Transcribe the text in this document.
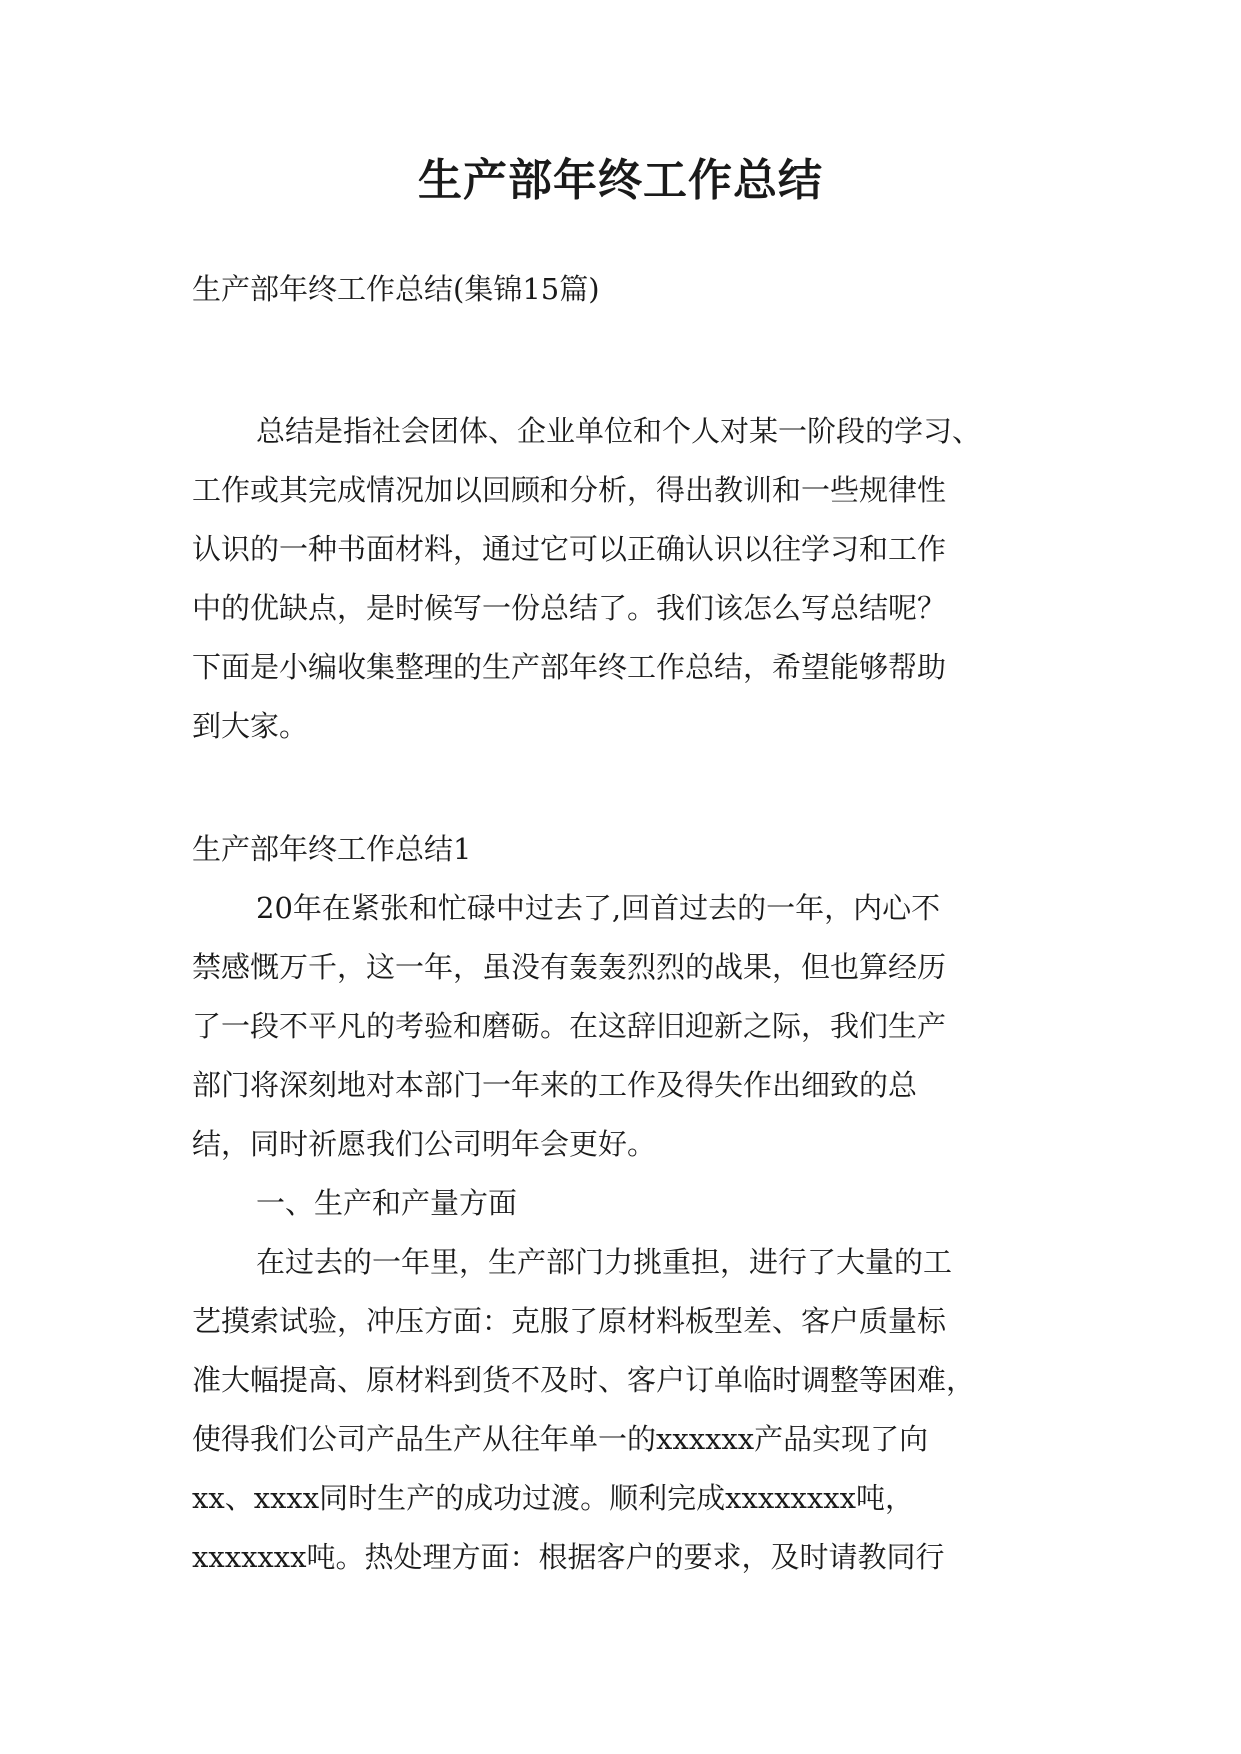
生产部年终工作总结
生产部年终工作总结(集锦15篇)
总结是指社会团体、企业单位和个人对某一阶段的学习、
工作或其完成情况加以回顾和分析，得出教训和一些规律性
认识的一种书面材料，通过它可以正确认识以往学习和工作
中的优缺点，是时候写一份总结了。我们该怎么写总结呢？
下面是小编收集整理的生产部年终工作总结，希望能够帮助
到大家。
生产部年终工作总结1
20年在紧张和忙碌中过去了,回首过去的一年，内心不
禁感慨万千，这一年，虽没有轰轰烈烈的战果，但也算经历
了一段不平凡的考验和磨砺。在这辞旧迎新之际，我们生产
部门将深刻地对本部门一年来的工作及得失作出细致的总
结，同时祈愿我们公司明年会更好。
一、生产和产量方面
在过去的一年里，生产部门力挑重担，进行了大量的工
艺摸索试验，冲压方面：克服了原材料板型差、客户质量标
准大幅提高、原材料到货不及时、客户订单临时调整等困难，
使得我们公司产品生产从往年单一的xxxxxx产品实现了向
xx、xxxx同时生产的成功过渡。顺利完成xxxxxxxx吨，
xxxxxxx吨。热处理方面：根据客户的要求，及时请教同行
